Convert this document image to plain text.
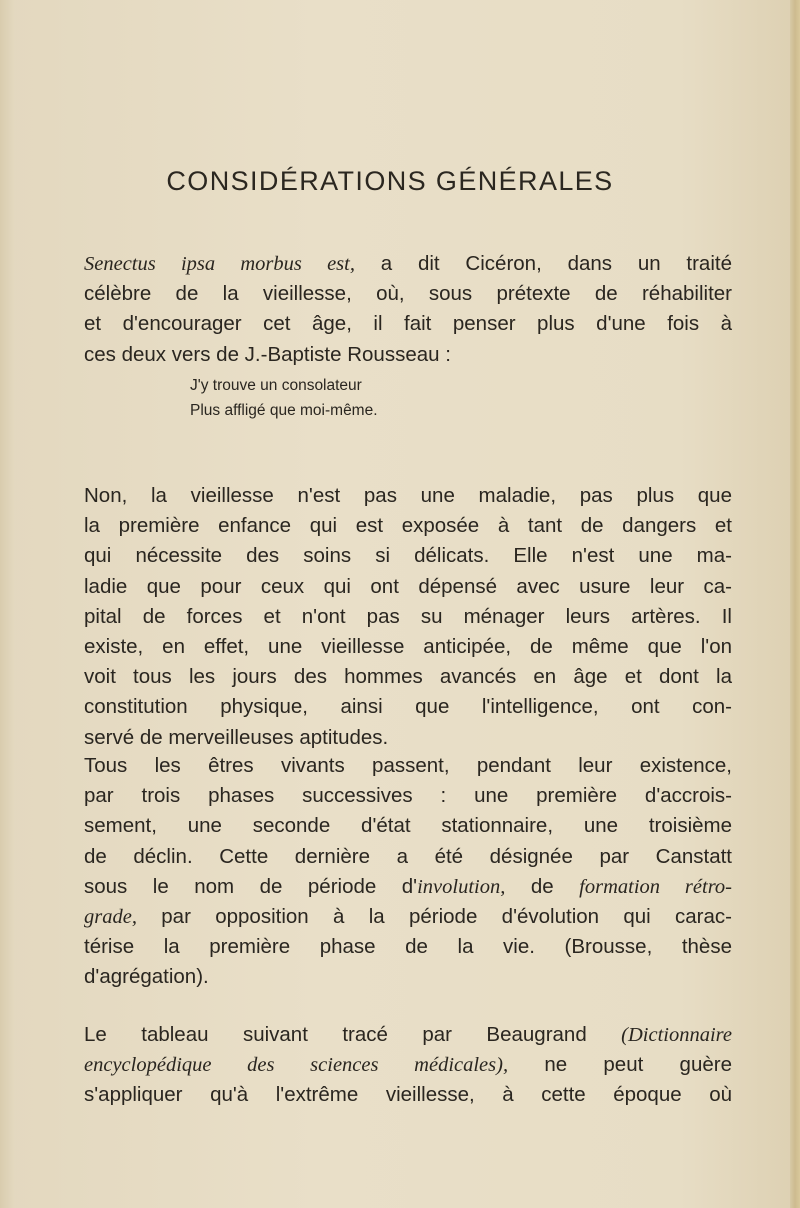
CONSIDÉRATIONS GÉNÉRALES
Senectus ipsa morbus est, a dit Cicéron, dans un traité
célèbre de la vieillesse, où, sous prétexte de réhabiliter
et d'encourager cet âge, il fait penser plus d'une fois à
ces deux vers de J.-Baptiste Rousseau :
J'y trouve un consolateur
Plus affligé que moi-même.
Non, la vieillesse n'est pas une maladie, pas plus que
la première enfance qui est exposée à tant de dangers et
qui nécessite des soins si délicats. Elle n'est une ma-
ladie que pour ceux qui ont dépensé avec usure leur ca-
pital de forces et n'ont pas su ménager leurs artères. Il
existe, en effet, une vieillesse anticipée, de même que l'on
voit tous les jours des hommes avancés en âge et dont la
constitution physique, ainsi que l'intelligence, ont con-
servé de merveilleuses aptitudes.
Tous les êtres vivants passent, pendant leur existence,
par trois phases successives : une première d'accrois-
sement, une seconde d'état stationnaire, une troisième
de déclin. Cette dernière a été désignée par Canstatt
sous le nom de période d'involution, de formation rétro-
grade, par opposition à la période d'évolution qui carac-
térise la première phase de la vie. (Brousse, thèse
d'agrégation).
Le tableau suivant tracé par Beaugrand (Dictionnaire
encyclopédique des sciences médicales), ne peut guère
s'appliquer qu'à l'extrême vieillesse, à cette époque où
